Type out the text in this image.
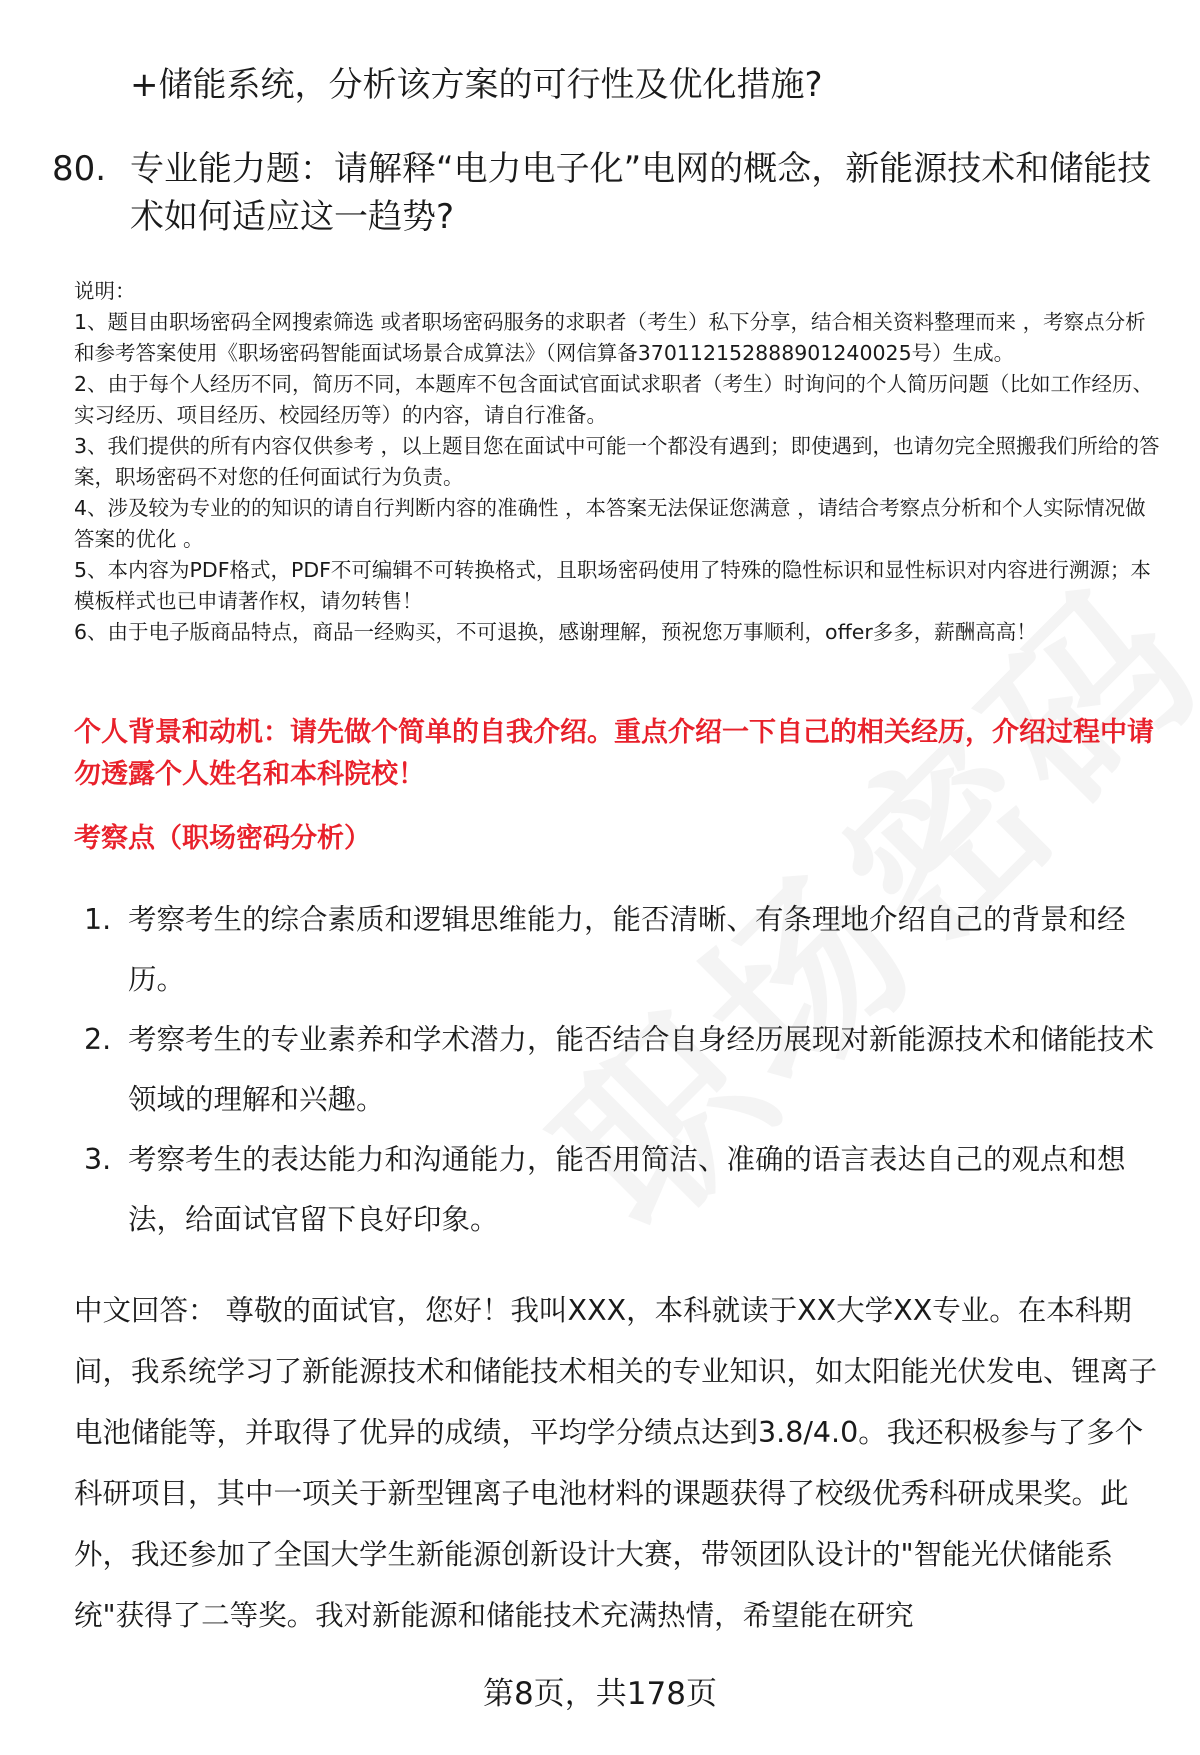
+储能系统，分析该方案的可行性及优化措施?
80. 专业能力题：请解释“电力电子化”电网的概念，新能源技术和储能技术如何适应这一趋势?

说明：

1、题目由职场密码全网搜索筛选 或者职场密码服务的求职者（考生）私下分享，结合相关资料整理而来 ，考察点分析和参考答案使用《职场密码智能面试场景合成算法》（网信算备370112152888901240025号）生成。

2、由于每个人经历不同，简历不同，本题库不包含面试官面试求职者（考生）时询问的个人简历问题（比如工作经历、实习经历、项目经历、校园经历等）的内容，请自行准备。

3、我们提供的所有内容仅供参考 ，以上题目您在面试中可能一个都没有遇到；即使遇到，也请勿完全照搬我们所给的答案，职场密码不对您的任何面试行为负责。

4、涉及较为专业的的知识的请自行判断内容的准确性 ，本答案无法保证您满意 ，请结合考察点分析和个人实际情况做答案的优化 。

5、本内容为PDF格式，PDF不可编辑不可转换格式，且职场密码使用了特殊的隐性标识和显性标识对内容进行溯源；本模板样式也已申请著作权，请勿转售！

6、由于电子版商品特点，商品一经购买，不可退换，感谢理解，预祝您万事顺利，offer多多，薪酬高高！

个人背景和动机：请先做个简单的自我介绍。重点介绍一下自己的相关经历，介绍过程中请勿透露个人姓名和本科院校！
考察点（职场密码分析）
1. 考察考生的综合素质和逻辑思维能力，能否清晰、有条理地介绍自己的背景和经历。
2. 考察考生的专业素养和学术潜力，能否结合自身经历展现对新能源技术和储能技术领域的理解和兴趣。
3. 考察考生的表达能力和沟通能力，能否用简洁、准确的语言表达自己的观点和想法，给面试官留下良好印象。

中文回答： 尊敬的面试官，您好！我叫XXX，本科就读于XX大学XX专业。在本科期间，我系统学习了新能源技术和储能技术相关的专业知识，如太阳能光伏发电、锂离子电池储能等，并取得了优异的成绩，平均学分绩点达到3.8/4.0。我还积极参与了多个科研项目，其中一项关于新型锂离子电池材料的课题获得了校级优秀科研成果奖。此外，我还参加了全国大学生新能源创新设计大赛，带领团队设计的"智能光伏储能系统"获得了二等奖。我对新能源和储能技术充满热情，希望能在研究

第8页，共178页
